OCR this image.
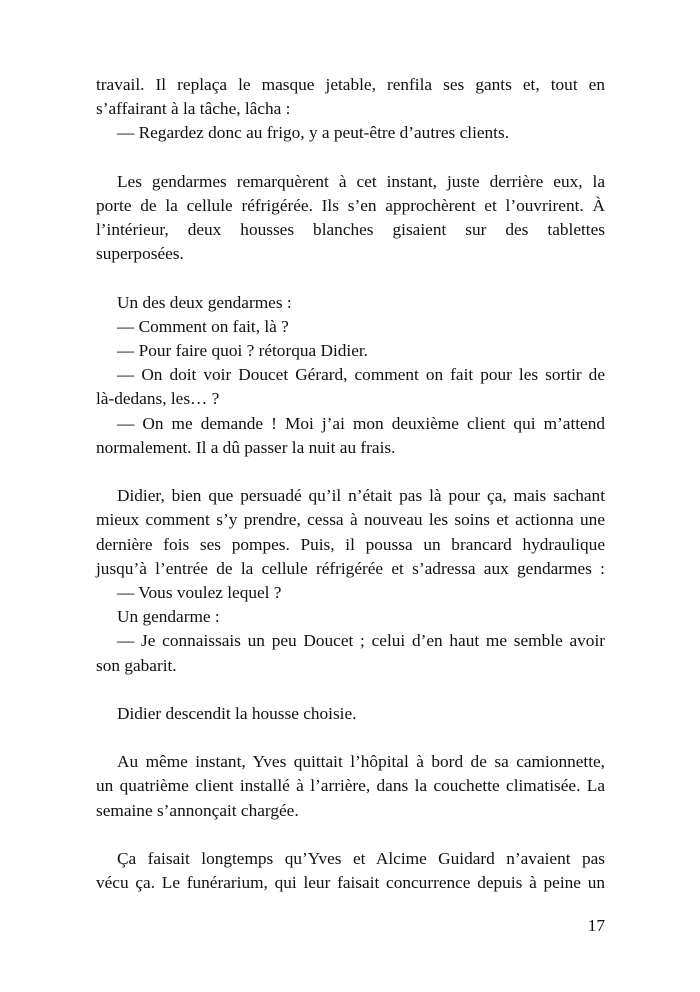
travail. Il replaça le masque jetable, renfila ses gants et, tout en

s’affairant à la tâche, lâcha :

— Regardez donc au frigo, y a peut-être d’autres clients.

Les gendarmes remarquèrent à cet instant, juste derrière eux, la

porte de la cellule réfrigérée. Ils s’en approchèrent et l’ouvrirent. À

l’intérieur, deux housses blanches gisaient sur des tablettes

superposées.

Un des deux gendarmes :

— Comment on fait, là ?

— Pour faire quoi ? rétorqua Didier.

— On doit voir Doucet Gérard, comment on fait pour les sortir de

là-dedans, les… ?

— On me demande ! Moi j’ai mon deuxième client qui m’attend

normalement. Il a dû passer la nuit au frais.

Didier, bien que persuadé qu’il n’était pas là pour ça, mais sachant

mieux comment s’y prendre, cessa à nouveau les soins et actionna une

dernière fois ses pompes. Puis, il poussa un brancard hydraulique

jusqu’à l’entrée de la cellule réfrigérée et s’adressa aux gendarmes :

— Vous voulez lequel ?

Un gendarme :

— Je connaissais un peu Doucet ; celui d’en haut me semble avoir

son gabarit.

Didier descendit la housse choisie.

Au même instant, Yves quittait l’hôpital à bord de sa camionnette,

un quatrième client installé à l’arrière, dans la couchette climatisée. La

semaine s’annonçait chargée.

Ça faisait longtemps qu’Yves et Alcime Guidard n’avaient pas

vécu ça. Le funérarium, qui leur faisait concurrence depuis à peine un

17
